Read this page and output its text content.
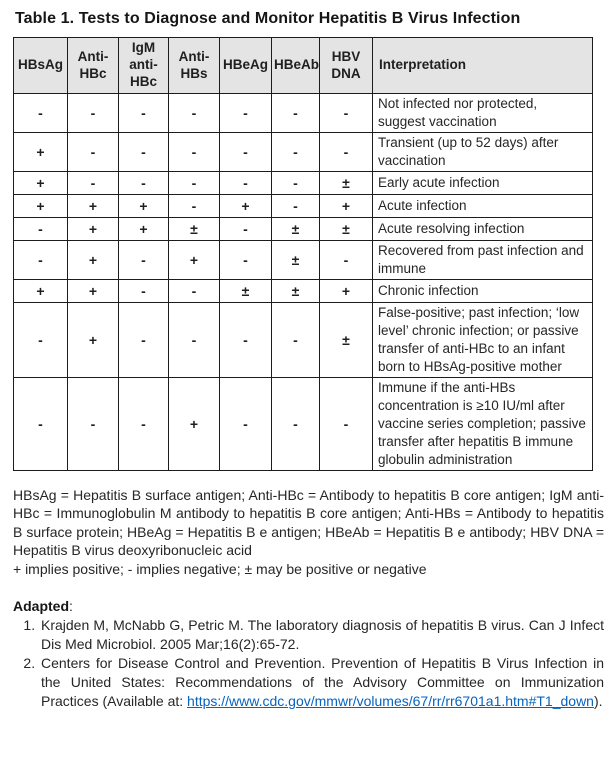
Table 1. Tests to Diagnose and Monitor Hepatitis B Virus Infection
HBsAg	Anti-HBc	IgM anti-HBc	Anti-HBs	HBeAg	HBeAb	HBV DNA	Interpretation
-	-	-	-	-	-	-	Not infected nor protected, suggest vaccination
+	-	-	-	-	-	-	Transient (up to 52 days) after vaccination
+	-	-	-	-	-	±	Early acute infection
+	+	+	-	+	-	+	Acute infection
-	+	+	±	-	±	±	Acute resolving infection
-	+	-	+	-	±	-	Recovered from past infection and immune
+	+	-	-	±	±	+	Chronic infection
-	+	-	-	-	-	±	False-positive; past infection; ‘low level’ chronic infection; or passive transfer of anti-HBc to an infant born to HBsAg-positive mother
-	-	-	+	-	-	-	Immune if the anti-HBs concentration is ≥10 IU/ml after vaccine series completion; passive transfer after hepatitis B immune globulin administration

HBsAg = Hepatitis B surface antigen; Anti-HBc = Antibody to hepatitis B core antigen; IgM anti-HBc = Immunoglobulin M antibody to hepatitis B core antigen; Anti-HBs = Antibody to hepatitis B surface protein; HBeAg = Hepatitis B e antigen; HBeAb = Hepatitis B e antibody; HBV DNA = Hepatitis B virus deoxyribonucleic acid

+ implies positive; - implies negative; ± may be positive or negative

Adapted:

1. Krajden M, McNabb G, Petric M. The laboratory diagnosis of hepatitis B virus. Can J Infect Dis Med Microbiol. 2005 Mar;16(2):65-72.
2. Centers for Disease Control and Prevention. Prevention of Hepatitis B Virus Infection in the United States: Recommendations of the Advisory Committee on Immunization Practices (Available at: https://www.cdc.gov/mmwr/volumes/67/rr/rr6701a1.htm#T1_down).
